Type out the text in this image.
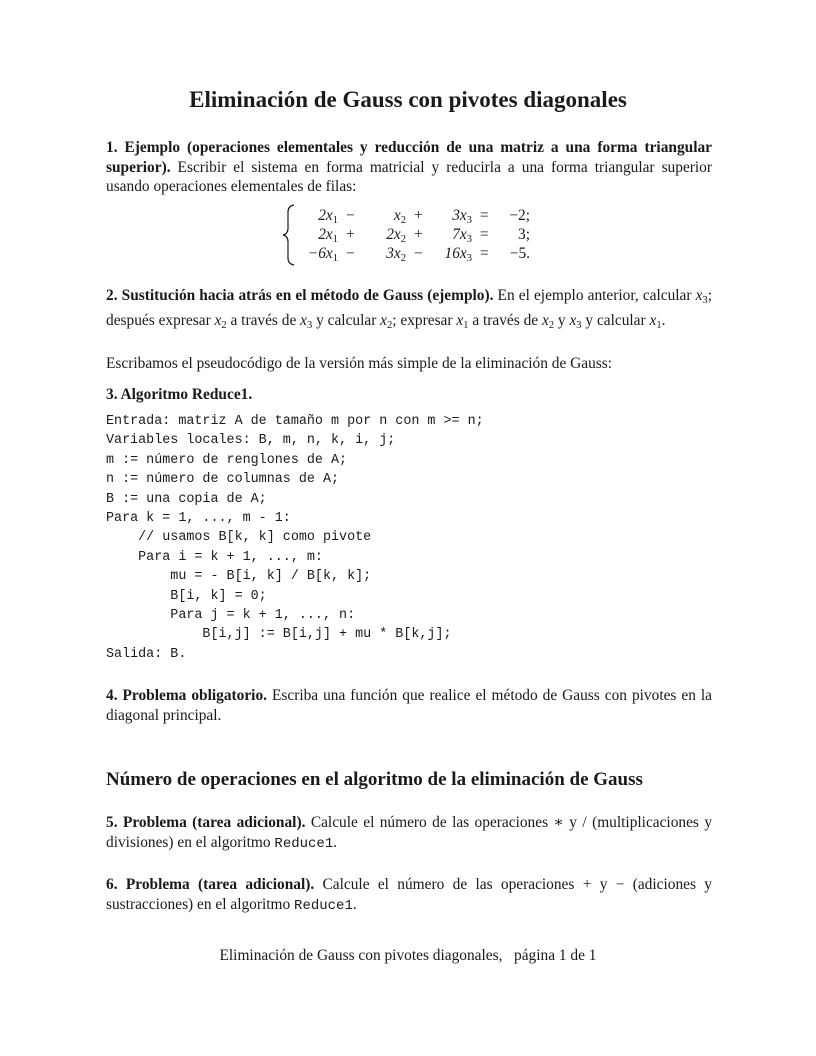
Eliminación de Gauss con pivotes diagonales
1. Ejemplo (operaciones elementales y reducción de una matriz a una forma triangular superior). Escribir el sistema en forma matricial y reducirla a una forma triangular superior usando operaciones elementales de filas:
$2x_1$ −	$x_2$ +	$3x_3$ =	−2;
$2x_1$ +	$2x_2$ +	$7x_3$ =	3;
$-6x_1$ −	$3x_2$ −	$16x_3$ =	−5.
2. Sustitución hacia atrás en el método de Gauss (ejemplo). En el ejemplo anterior, calcular $x_3$; después expresar $x_2$ a través de $x_3$ y calcular $x_2$; expresar $x_1$ a través de $x_2$ y $x_3$ y calcular $x_1$.
Escribamos el pseudocódigo de la versión más simple de la eliminación de Gauss:
3. Algoritmo Reduce1.
Entrada: matriz A de tamaño m por n con m >= n;
Variables locales: B, m, n, k, i, j;
m := número de renglones de A;
n := número de columnas de A;
B := una copia de A;
Para k = 1, ..., m - 1:
// usamos B[k, k] como pivote
Para i = k + 1, ..., m:
mu = - B[i, k] / B[k, k];
B[i, k] = 0;
Para j = k + 1, ..., n:
B[i,j] := B[i,j] + mu * B[k,j];
Salida: B.
4. Problema obligatorio. Escriba una función que realice el método de Gauss con pivotes en la diagonal principal.
Número de operaciones en el algoritmo de la eliminación de Gauss
5. Problema (tarea adicional). Calcule el número de las operaciones ∗ y / (multiplicaciones y divisiones) en el algoritmo Reduce1.
6. Problema (tarea adicional). Calcule el número de las operaciones + y − (adiciones y sustracciones) en el algoritmo Reduce1.
Eliminación de Gauss con pivotes diagonales, página 1 de 1
